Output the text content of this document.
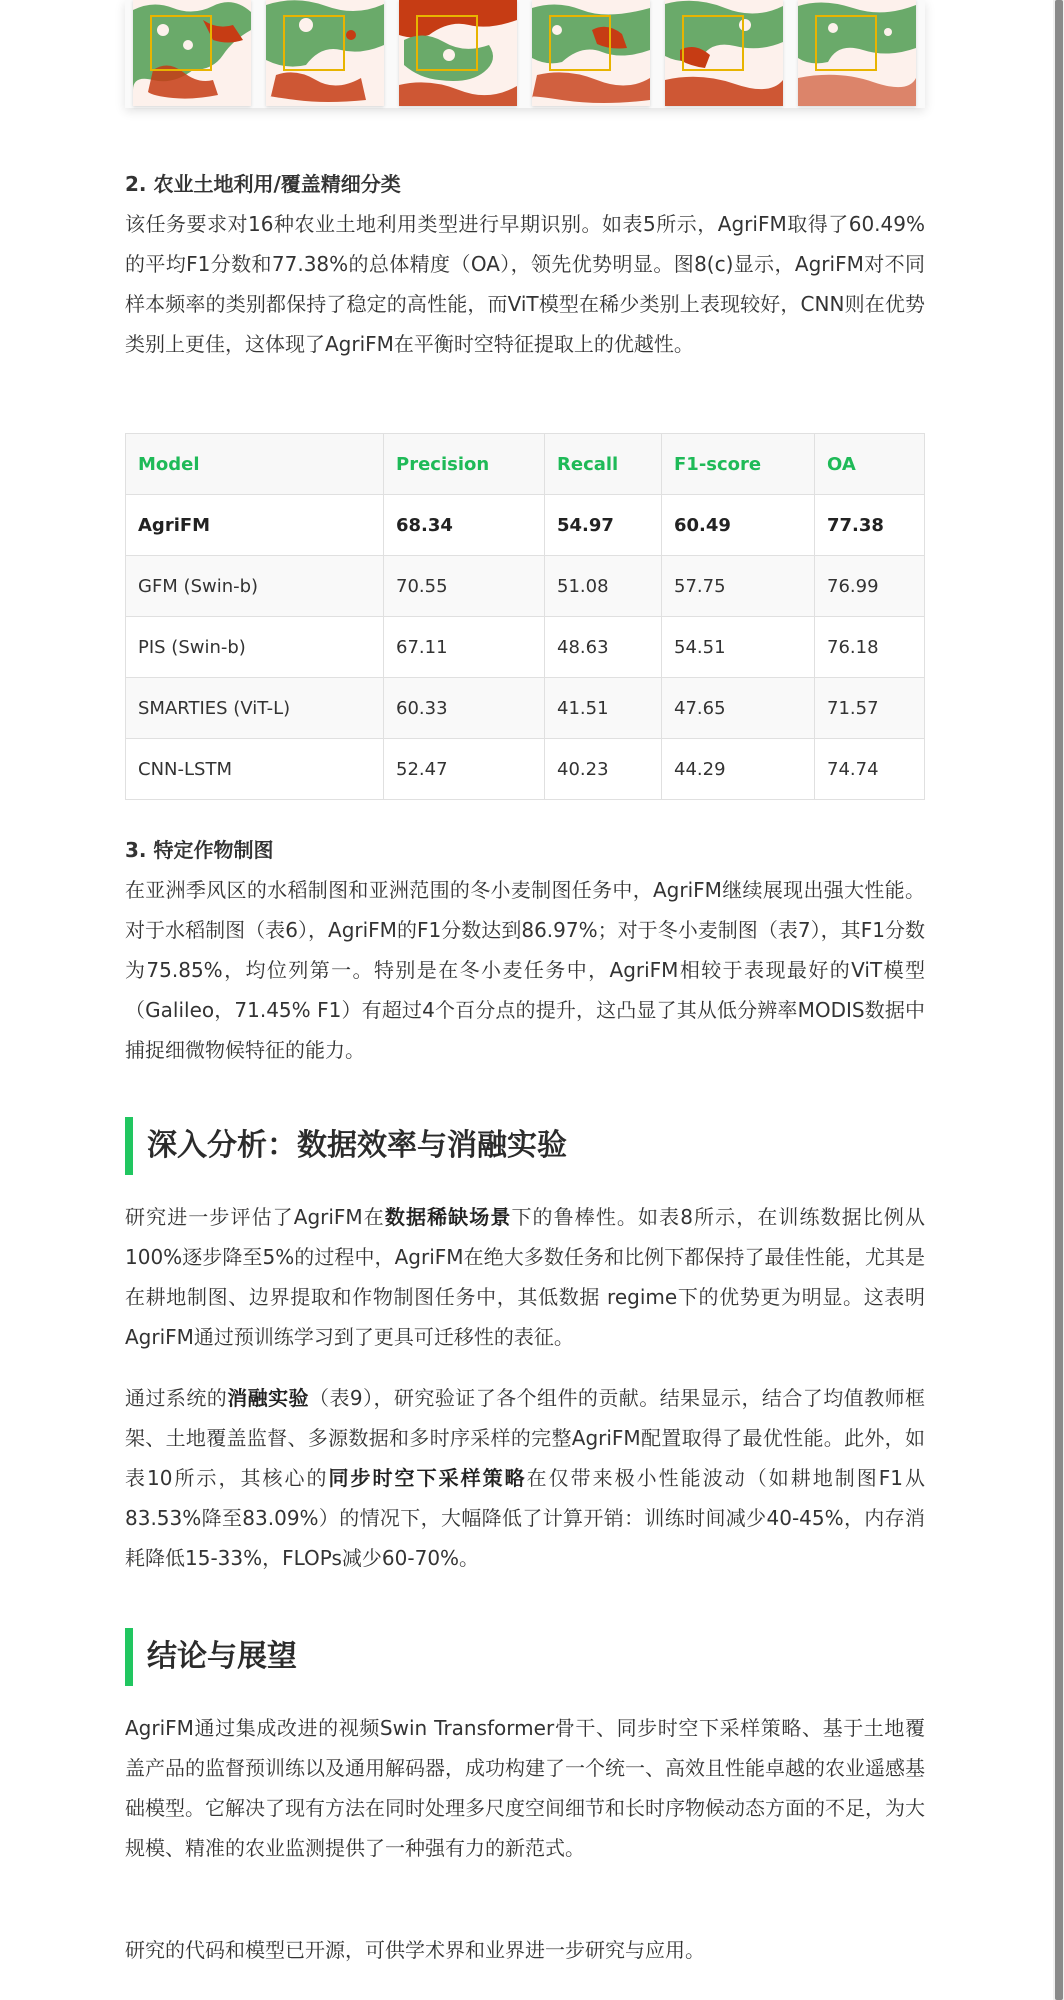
2. 农业土地利用/覆盖精细分类

该任务要求对16种农业土地利用类型进行早期识别。如表5所示，AgriFM取得了60.49%的平均F1分数和77.38%的总体精度（OA），领先优势明显。图8(c)显示，AgriFM对不同样本频率的类别都保持了稳定的高性能，而ViT模型在稀少类别上表现较好，CNN则在优势类别上更佳，这体现了AgriFM在平衡时空特征提取上的优越性。

Model	Precision	Recall	F1-score	OA
AgriFM	68.34	54.97	60.49	77.38
GFM (Swin-b)	70.55	51.08	57.75	76.99
PIS (Swin-b)	67.11	48.63	54.51	76.18
SMARTIES (ViT-L)	60.33	41.51	47.65	71.57
CNN-LSTM	52.47	40.23	44.29	74.74
3. 特定作物制图

在亚洲季风区的水稻制图和亚洲范围的冬小麦制图任务中，AgriFM继续展现出强大性能。对于水稻制图（表6），AgriFM的F1分数达到86.97%；对于冬小麦制图（表7），其F1分数为75.85%，均位列第一。特别是在冬小麦任务中，AgriFM相较于表现最好的ViT模型（Galileo，71.45% F1）有超过4个百分点的提升，这凸显了其从低分辨率MODIS数据中捕捉细微物候特征的能力。

深入分析：数据效率与消融实验

研究进一步评估了AgriFM在数据稀缺场景下的鲁棒性。如表8所示，在训练数据比例从100%逐步降至5%的过程中，AgriFM在绝大多数任务和比例下都保持了最佳性能，尤其是在耕地制图、边界提取和作物制图任务中，其低数据 regime下的优势更为明显。这表明AgriFM通过预训练学习到了更具可迁移性的表征。

通过系统的消融实验（表9），研究验证了各个组件的贡献。结果显示，结合了均值教师框架、土地覆盖监督、多源数据和多时序采样的完整AgriFM配置取得了最优性能。此外，如表10所示，其核心的同步时空下采样策略在仅带来极小性能波动（如耕地制图F1从83.53%降至83.09%）的情况下，大幅降低了计算开销：训练时间减少40-45%，内存消耗降低15-33%，FLOPs减少60-70%。

结论与展望

AgriFM通过集成改进的视频Swin Transformer骨干、同步时空下采样策略、基于土地覆盖产品的监督预训练以及通用解码器，成功构建了一个统一、高效且性能卓越的农业遥感基础模型。它解决了现有方法在同时处理多尺度空间细节和长时序物候动态方面的不足，为大规模、精准的农业监测提供了一种强有力的新范式。

研究的代码和模型已开源，可供学术界和业界进一步研究与应用。
